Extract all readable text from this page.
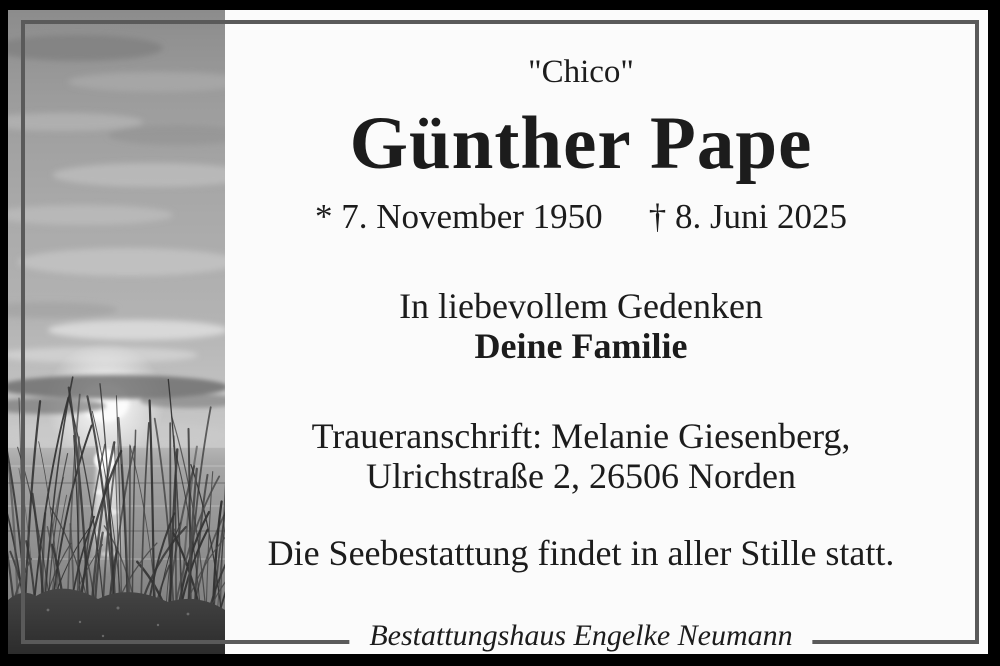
"Chico"
Günther Pape
* 7. November 1950 † 8. Juni 2025
In liebevollem Gedenken
Deine Familie
Traueranschrift: Melanie Giesenberg,
Ulrichstraße 2, 26506 Norden
Die Seebestattung findet in aller Stille statt.
Bestattungshaus Engelke Neumann
